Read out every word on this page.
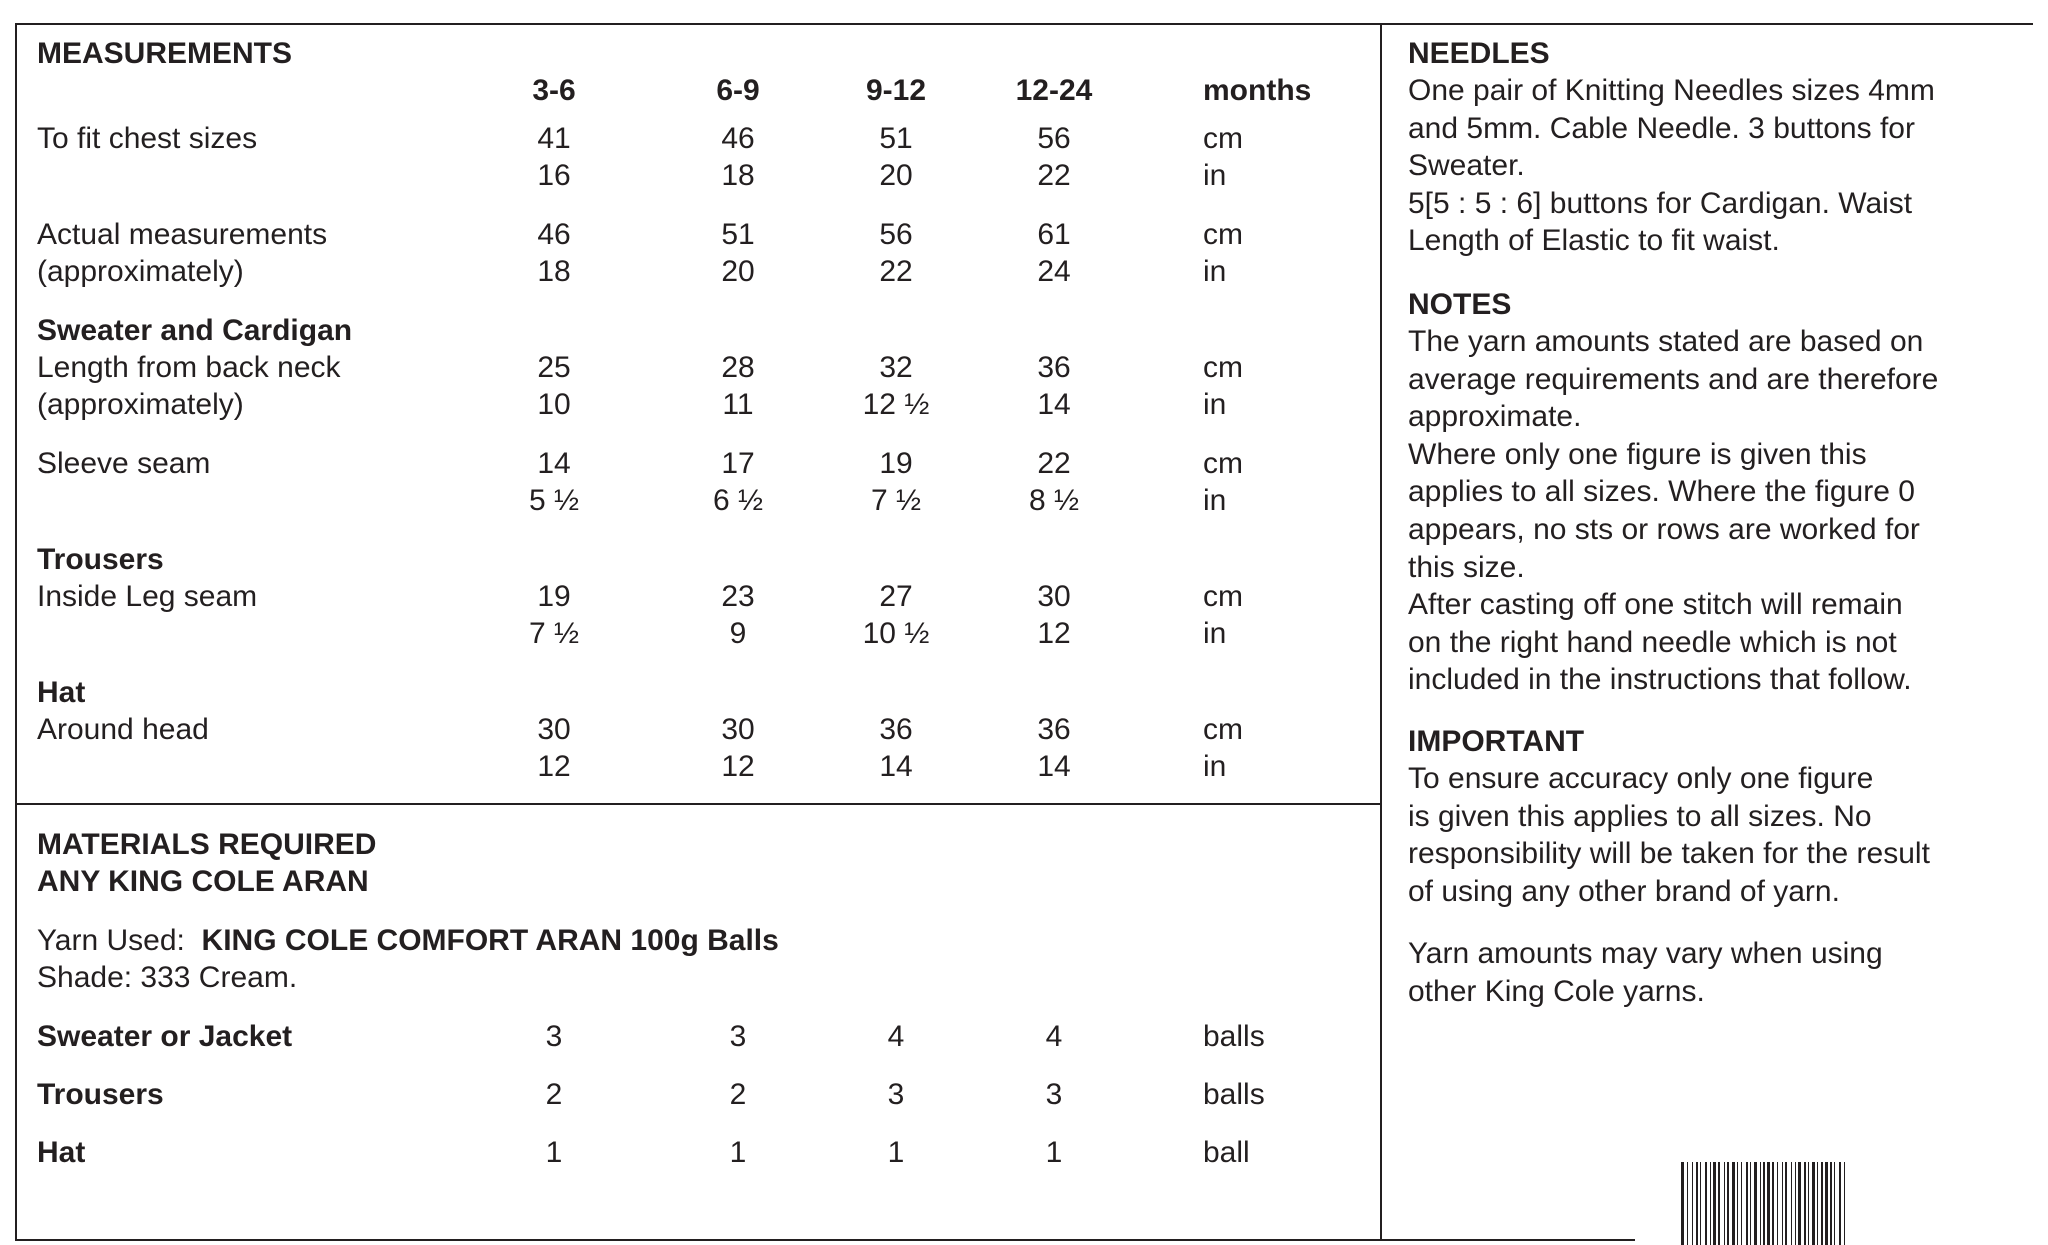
MEASUREMENTS
3-6	6-9	9-12	12-24	months
To fit chest sizes	41	46	51	56	cm
16	18	20	22	in
Actual measurements
(approximately)
46	51	56	61	cm
18	20	22	24	in
Sweater and Cardigan
Length from back neck
(approximately)
25	28	32	36	cm
10	11	12 ½	14	in
Sleeve seam	14	17	19	22	cm
5 ½	6 ½	7 ½	8 ½	in
Trousers
Inside Leg seam	19	23	27	30	cm
7 ½	9	10 ½	12	in
Hat
Around head	30	30	36	36	cm
12	12	14	14	in
MATERIALS REQUIRED
ANY KING COLE ARAN
Yarn Used: KING COLE COMFORT ARAN 100g Balls
Shade: 333 Cream.
Sweater or Jacket	3	3	4	4	balls
Trousers	2	2	3	3	balls
Hat	1	1	1	1	ball
NEEDLES
One pair of Knitting Needles sizes 4mm
and 5mm. Cable Needle. 3 buttons for
Sweater.
5[5 : 5 : 6] buttons for Cardigan. Waist
Length of Elastic to fit waist.
NOTES
The yarn amounts stated are based on
average requirements and are therefore
approximate.
Where only one figure is given this
applies to all sizes. Where the figure 0
appears, no sts or rows are worked for
this size.
After casting off one stitch will remain
on the right hand needle which is not
included in the instructions that follow.
IMPORTANT
To ensure accuracy only one figure
is given this applies to all sizes. No
responsibility will be taken for the result
of using any other brand of yarn.
Yarn amounts may vary when using
other King Cole yarns.
